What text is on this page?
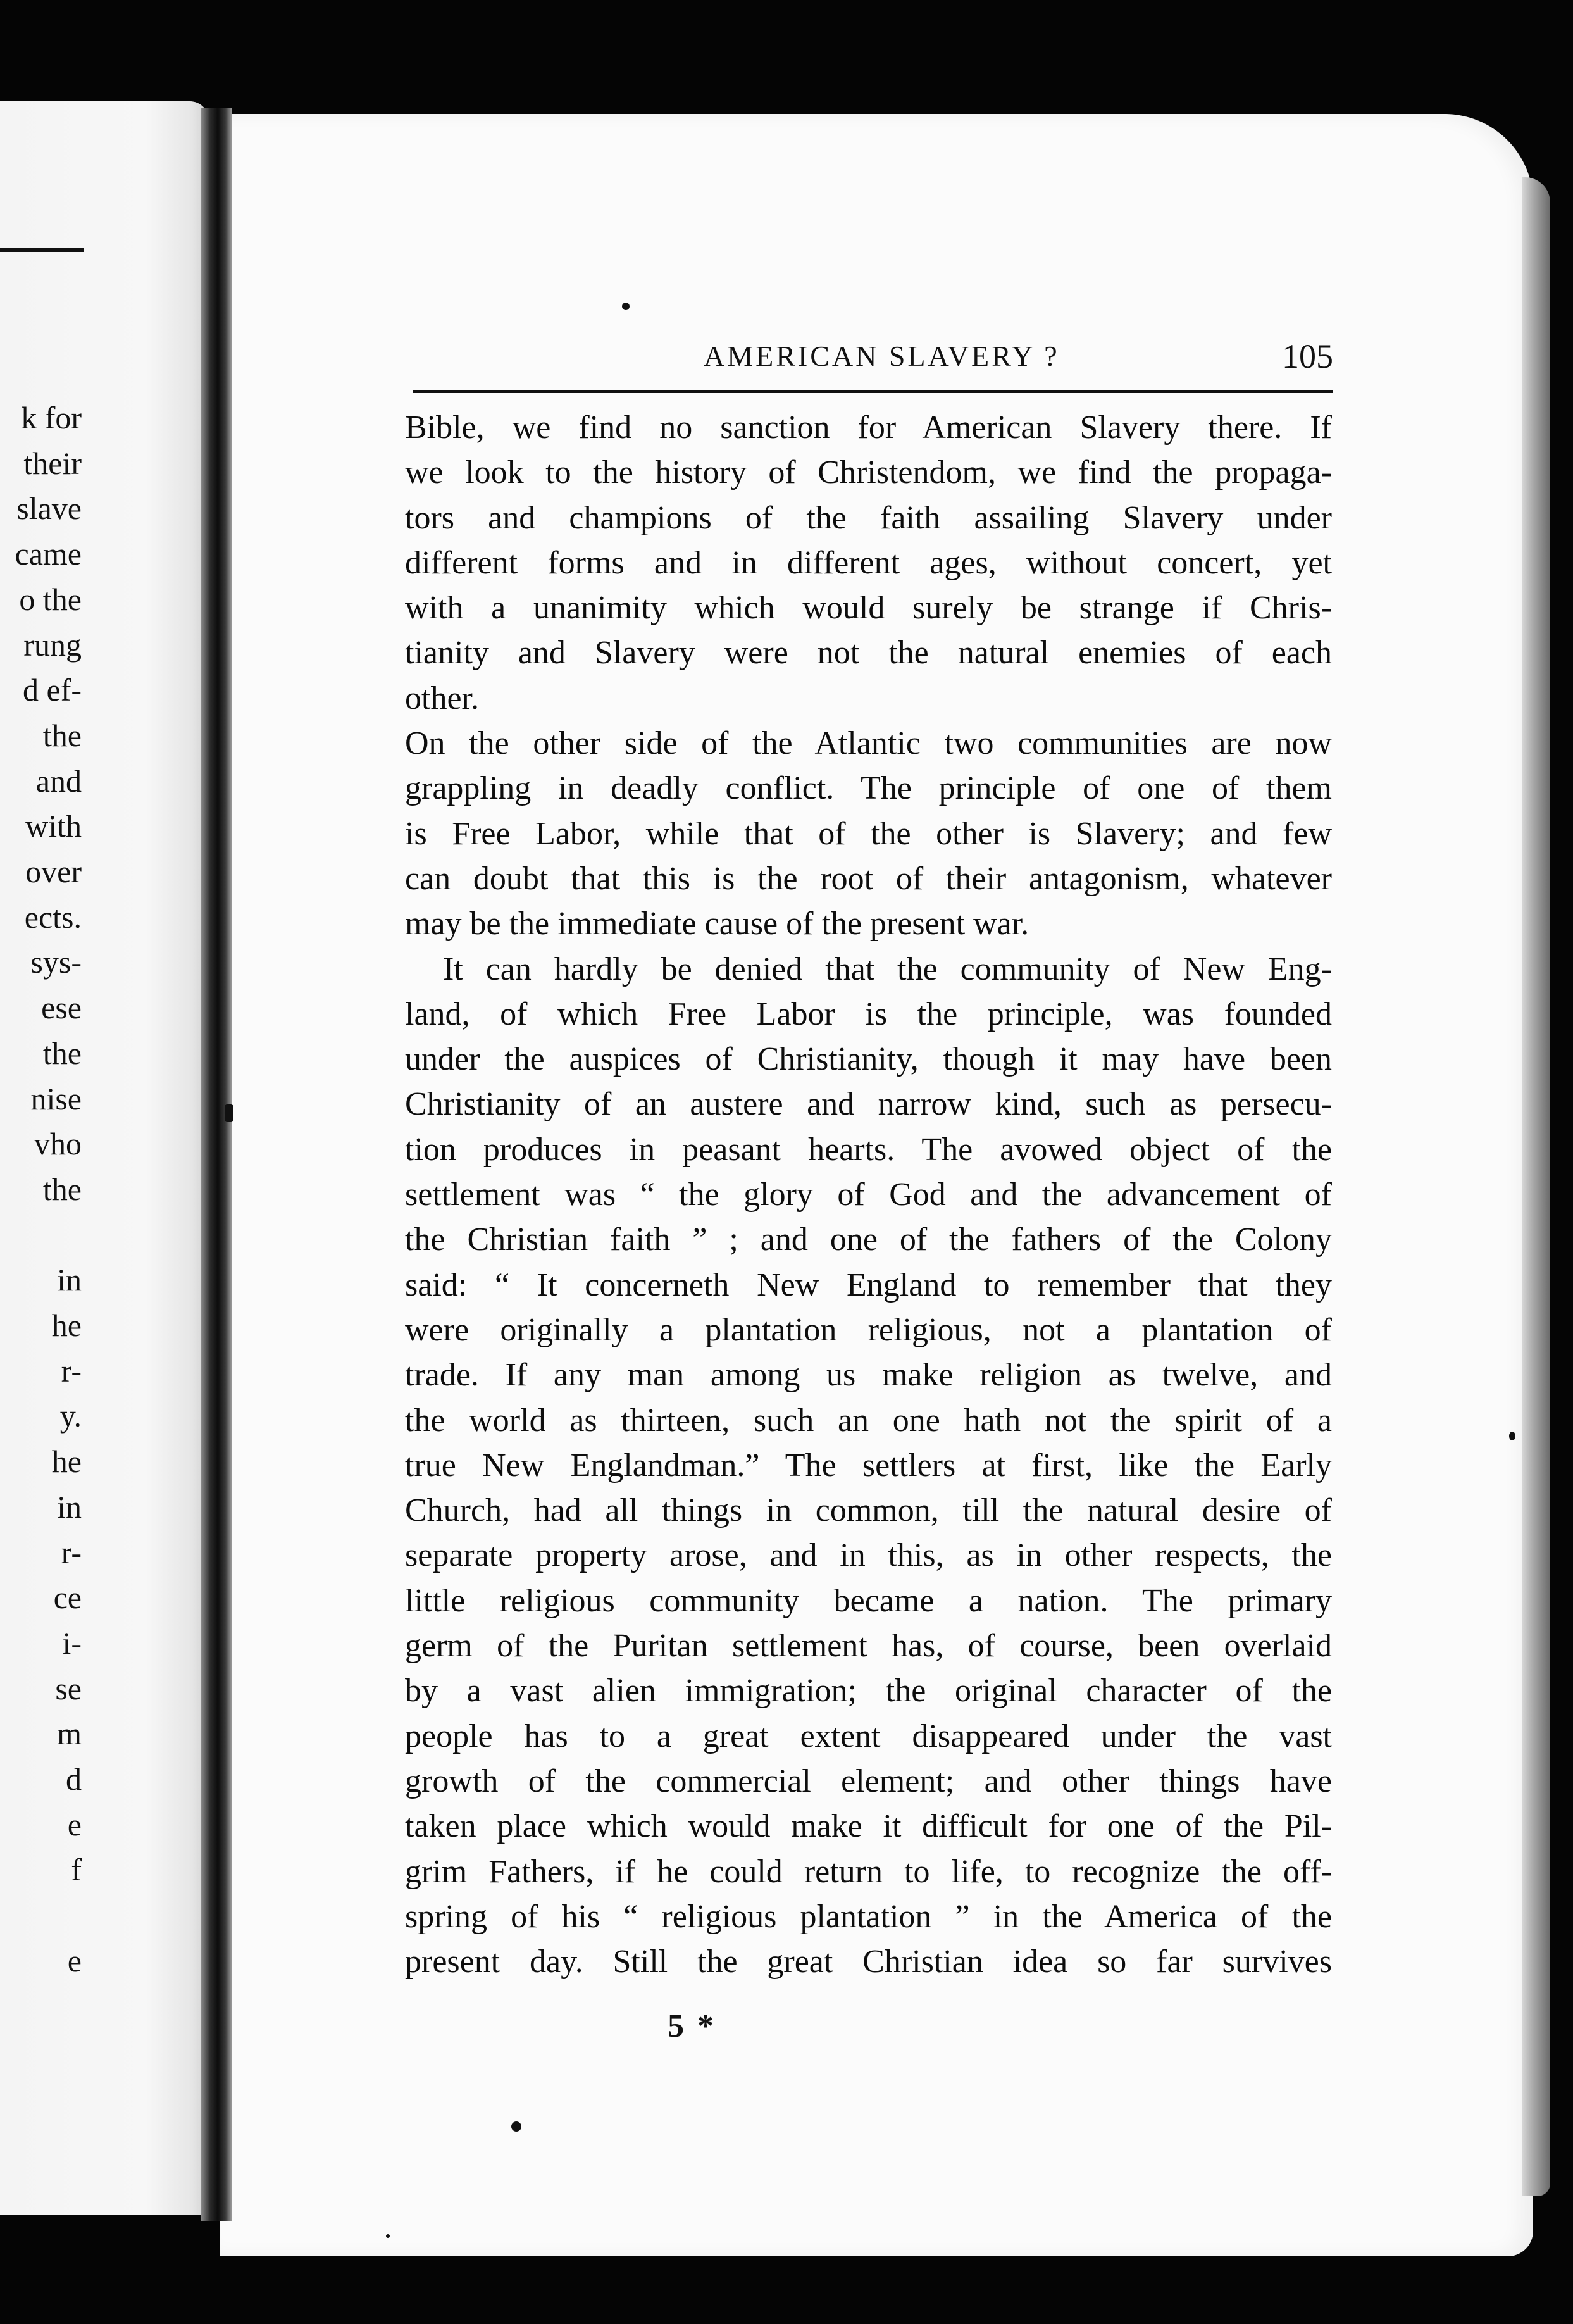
k for
their
slave
came
o the
rung
d ef-
the
and
with
over
ects.
sys-
ese
the
nise
vho
the
in
he
r-
y.
he
in
r-
ce
i-
se
m
d
e
f
e
AMERICAN SLAVERY ?	105
Bible, we find no sanction for American Slavery there. If
we look to the history of Christendom, we find the propaga-
tors and champions of the faith assailing Slavery under
different forms and in different ages, without concert, yet
with a unanimity which would surely be strange if Chris-
tianity and Slavery were not the natural enemies of each
other.
On the other side of the Atlantic two communities are now
grappling in deadly conflict. The principle of one of them
is Free Labor, while that of the other is Slavery; and few
can doubt that this is the root of their antagonism, whatever
may be the immediate cause of the present war.
It can hardly be denied that the community of New Eng-
land, of which Free Labor is the principle, was founded
under the auspices of Christianity, though it may have been
Christianity of an austere and narrow kind, such as persecu-
tion produces in peasant hearts. The avowed object of the
settlement was “ the glory of God and the advancement of
the Christian faith ” ; and one of the fathers of the Colony
said: “ It concerneth New England to remember that they
were originally a plantation religious, not a plantation of
trade. If any man among us make religion as twelve, and
the world as thirteen, such an one hath not the spirit of a
true New Englandman.” The settlers at first, like the Early
Church, had all things in common, till the natural desire of
separate property arose, and in this, as in other respects, the
little religious community became a nation. The primary
germ of the Puritan settlement has, of course, been overlaid
by a vast alien immigration; the original character of the
people has to a great extent disappeared under the vast
growth of the commercial element; and other things have
taken place which would make it difficult for one of the Pil-
grim Fathers, if he could return to life, to recognize the off-
spring of his “ religious plantation ” in the America of the
present day. Still the great Christian idea so far survives
5 *
